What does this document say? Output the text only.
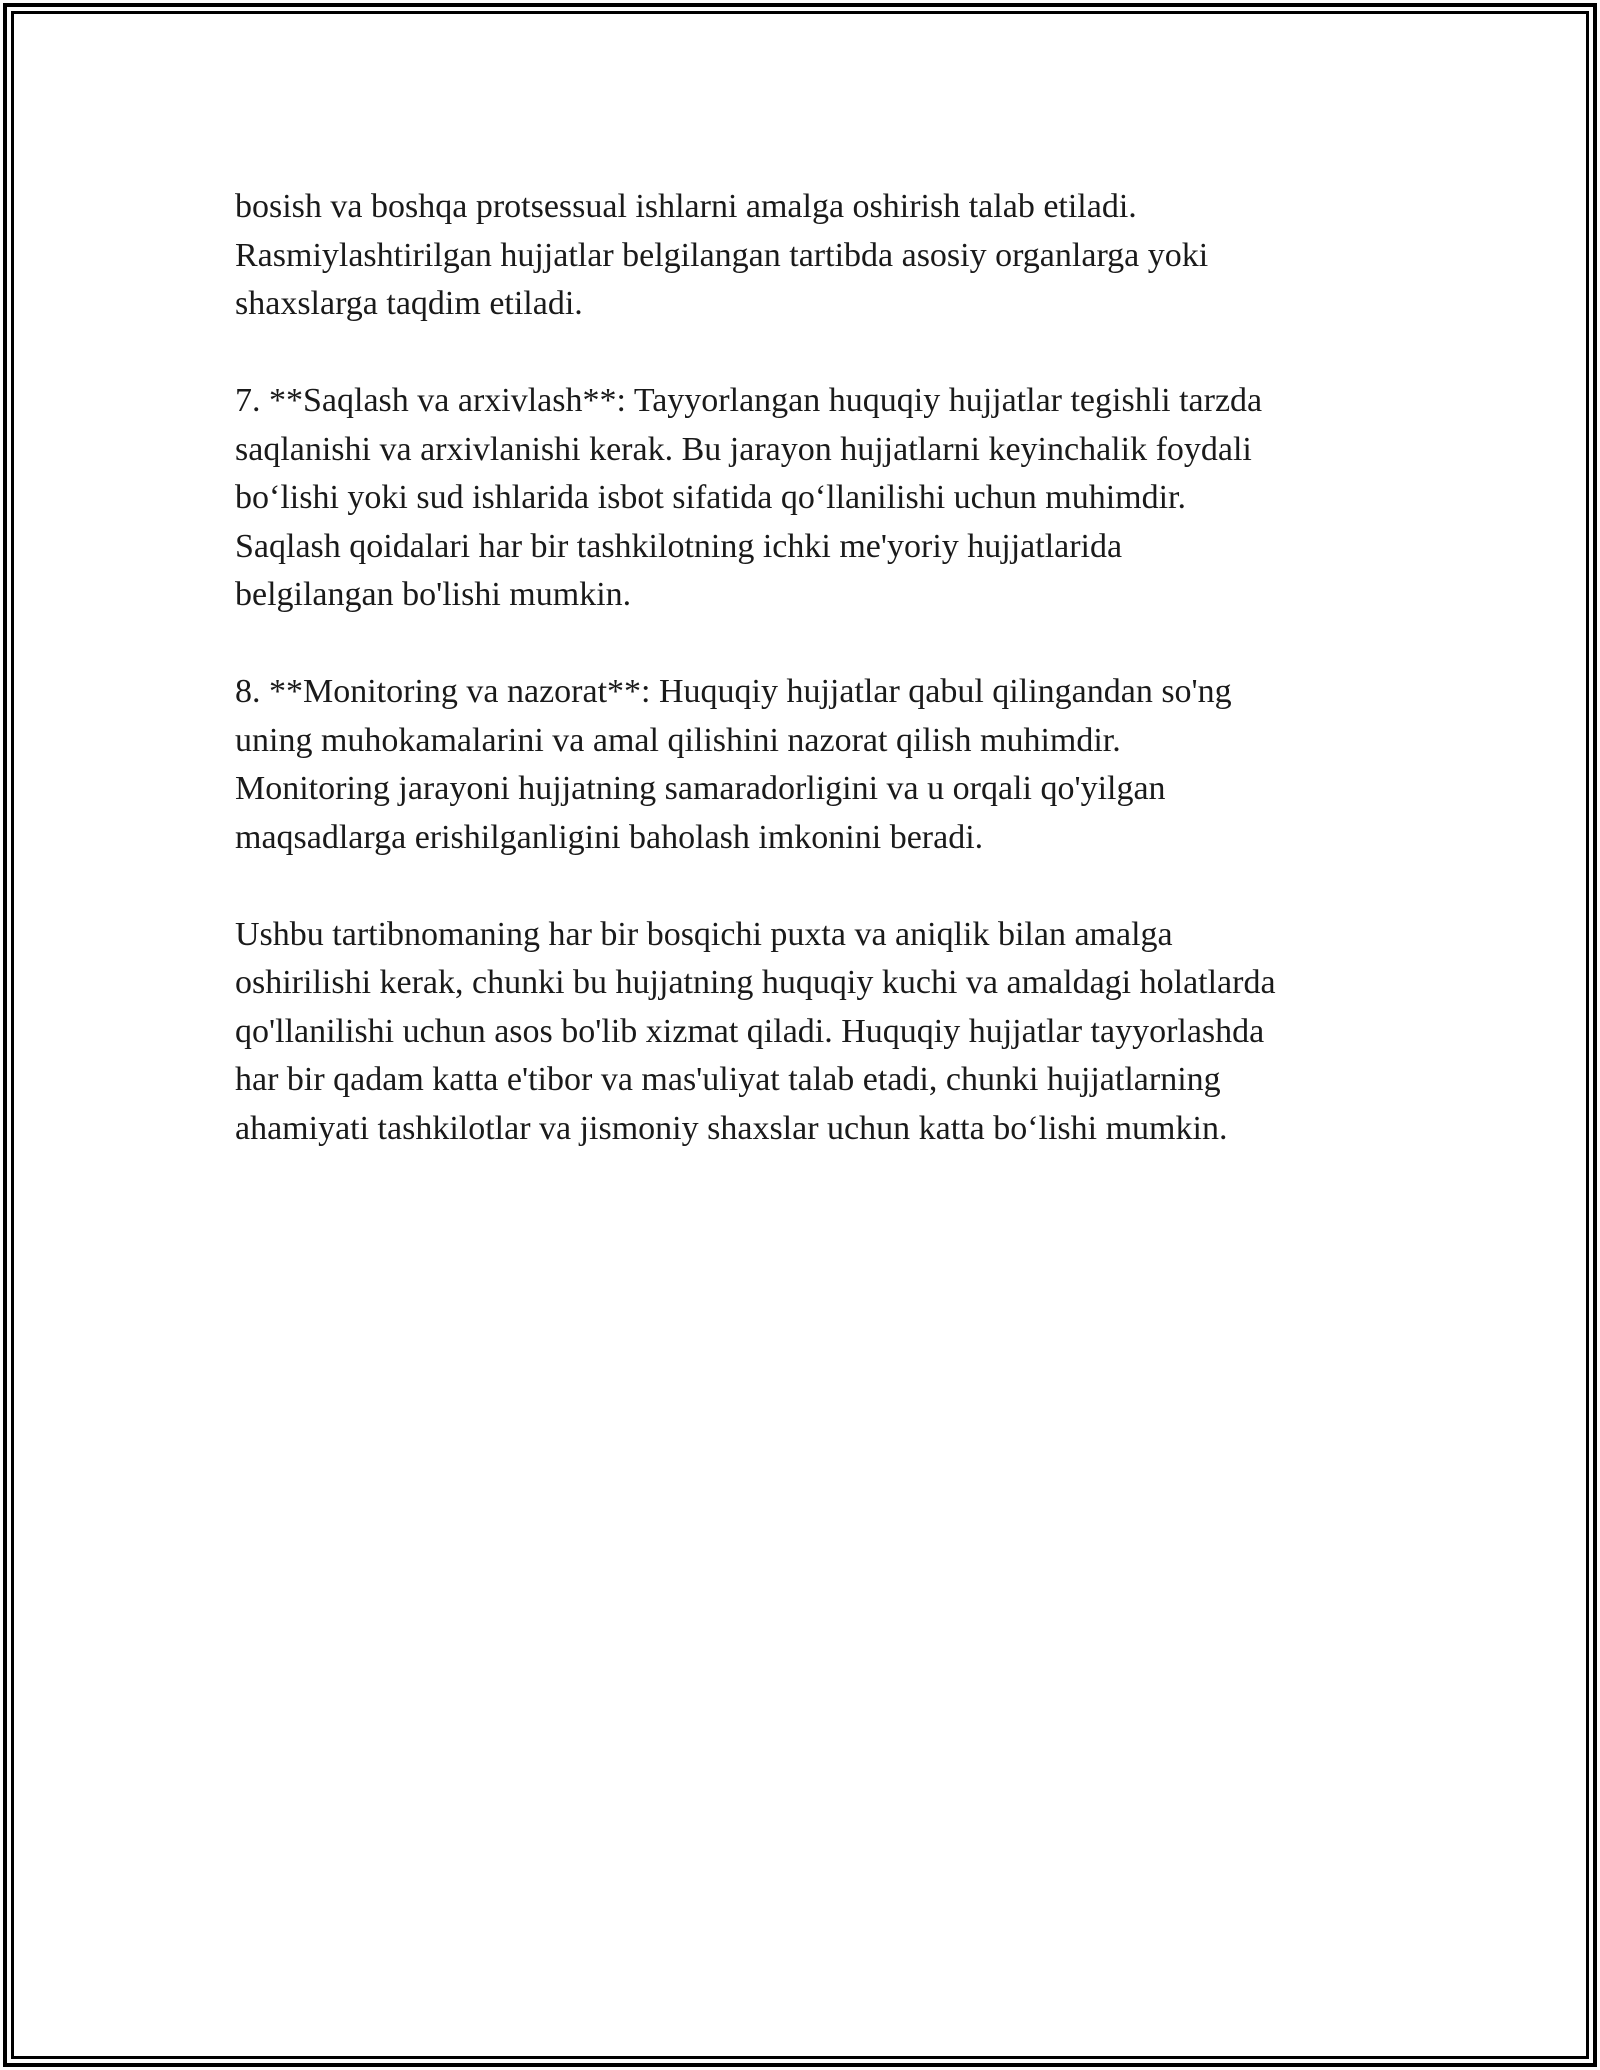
bosish va boshqa protsessual ishlarni amalga oshirish talab etiladi.
Rasmiylashtirilgan hujjatlar belgilangan tartibda asosiy organlarga yoki
shaxslarga taqdim etiladi.
7. **Saqlash va arxivlash**: Tayyorlangan huquqiy hujjatlar tegishli tarzda
saqlanishi va arxivlanishi kerak. Bu jarayon hujjatlarni keyinchalik foydali
bo‘lishi yoki sud ishlarida isbot sifatida qo‘llanilishi uchun muhimdir.
Saqlash qoidalari har bir tashkilotning ichki me'yoriy hujjatlarida
belgilangan bo'lishi mumkin.
8. **Monitoring va nazorat**: Huquqiy hujjatlar qabul qilingandan so'ng
uning muhokamalarini va amal qilishini nazorat qilish muhimdir.
Monitoring jarayoni hujjatning samaradorligini va u orqali qo'yilgan
maqsadlarga erishilganligini baholash imkonini beradi.
Ushbu tartibnomaning har bir bosqichi puxta va aniqlik bilan amalga
oshirilishi kerak, chunki bu hujjatning huquqiy kuchi va amaldagi holatlarda
qo'llanilishi uchun asos bo'lib xizmat qiladi. Huquqiy hujjatlar tayyorlashda
har bir qadam katta e'tibor va mas'uliyat talab etadi, chunki hujjatlarning
ahamiyati tashkilotlar va jismoniy shaxslar uchun katta bo‘lishi mumkin.
